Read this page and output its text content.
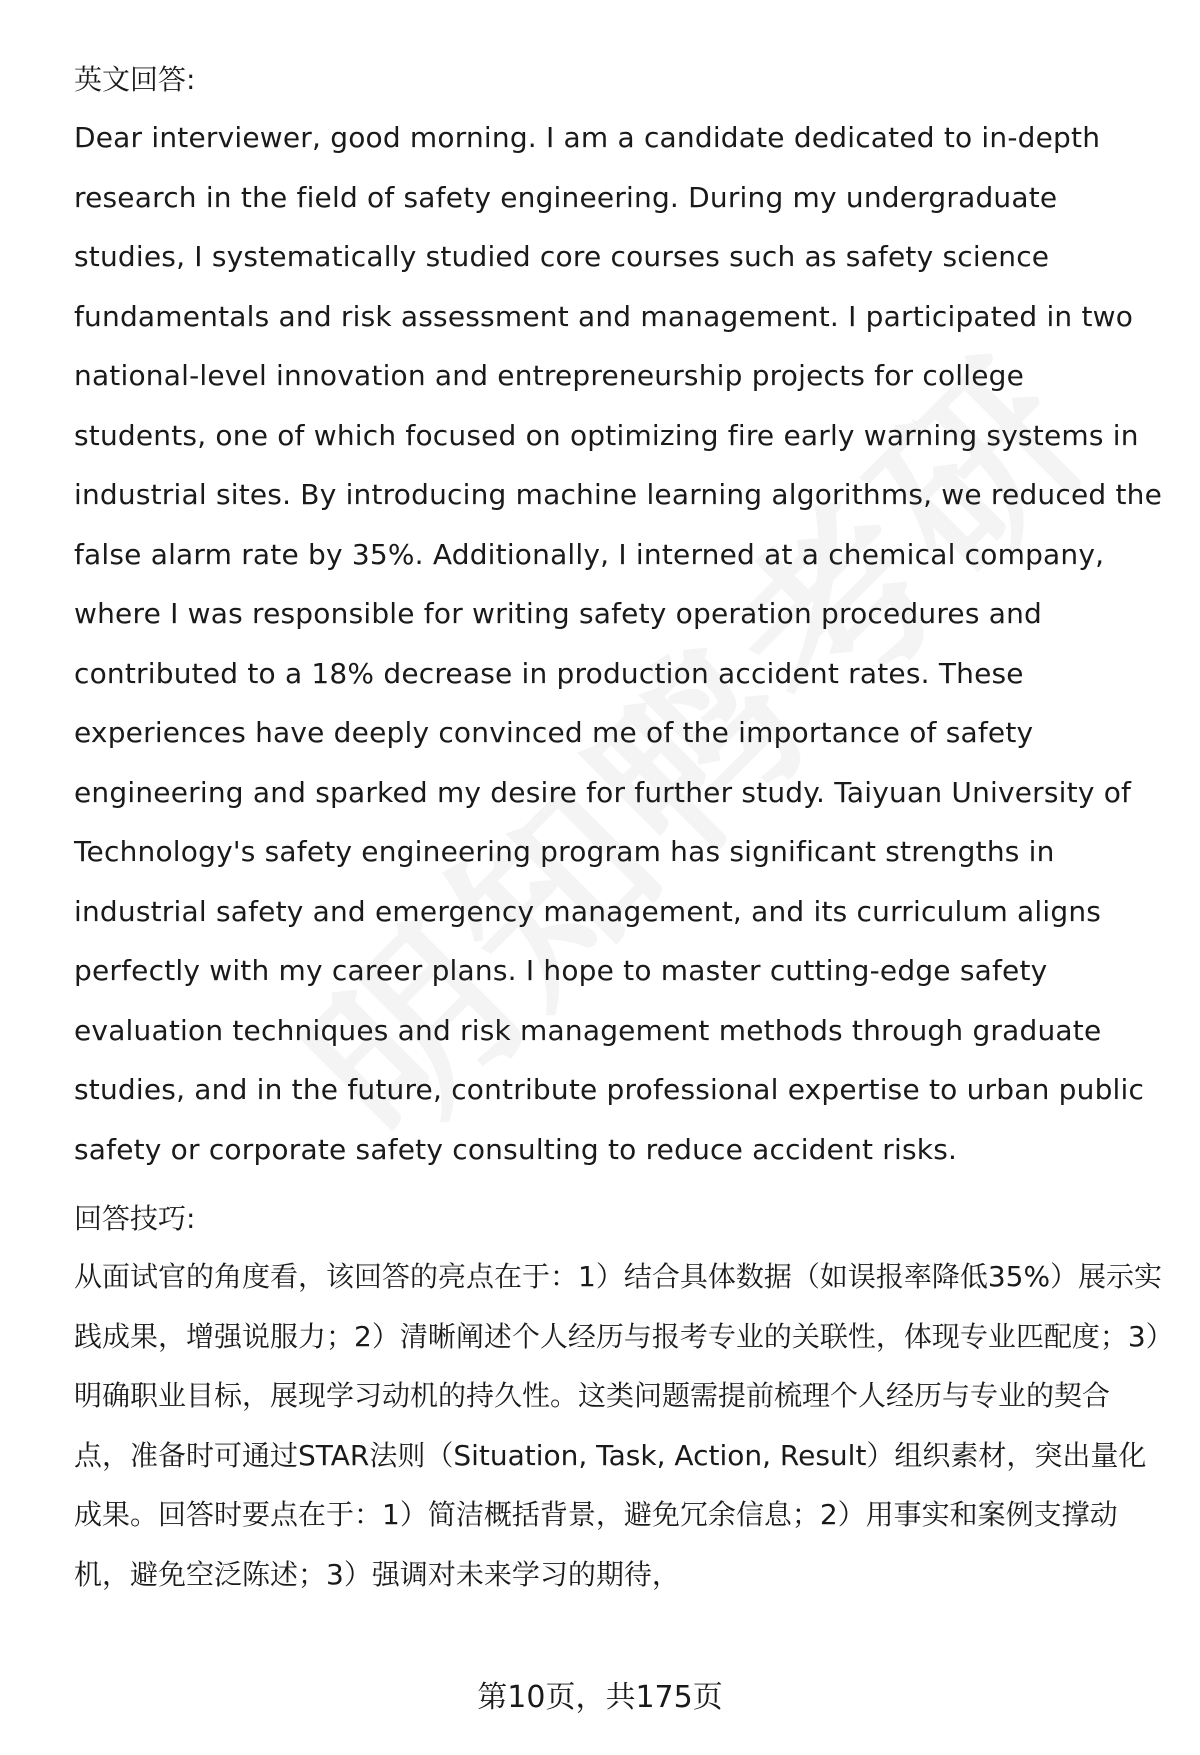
英文回答:

Dear interviewer, good morning. I am a candidate dedicated to in-depth research in the field of safety engineering. During my undergraduate studies, I systematically studied core courses such as safety science fundamentals and risk assessment and management. I participated in two national-level innovation and entrepreneurship projects for college students, one of which focused on optimizing fire early warning systems in industrial sites. By introducing machine learning algorithms, we reduced the false alarm rate by 35%. Additionally, I interned at a chemical company, where I was responsible for writing safety operation procedures and contributed to a 18% decrease in production accident rates. These experiences have deeply convinced me of the importance of safety engineering and sparked my desire for further study. Taiyuan University of Technology's safety engineering program has significant strengths in industrial safety and emergency management, and its curriculum aligns perfectly with my career plans. I hope to master cutting-edge safety evaluation techniques and risk management methods through graduate studies, and in the future, contribute professional expertise to urban public safety or corporate safety consulting to reduce accident risks.

回答技巧:

从面试官的角度看，该回答的亮点在于：1）结合具体数据（如误报率降低35%）展示实践成果，增强说服力；2）清晰阐述个人经历与报考专业的关联性，体现专业匹配度；3）明确职业目标，展现学习动机的持久性。这类问题需提前梳理个人经历与专业的契合点，准备时可通过STAR法则（Situation, Task, Action, Result）组织素材，突出量化成果。回答时要点在于：1）简洁概括背景，避免冗余信息；2）用事实和案例支撑动机，避免空泛陈述；3）强调对未来学习的期待，

第10页，共175页
